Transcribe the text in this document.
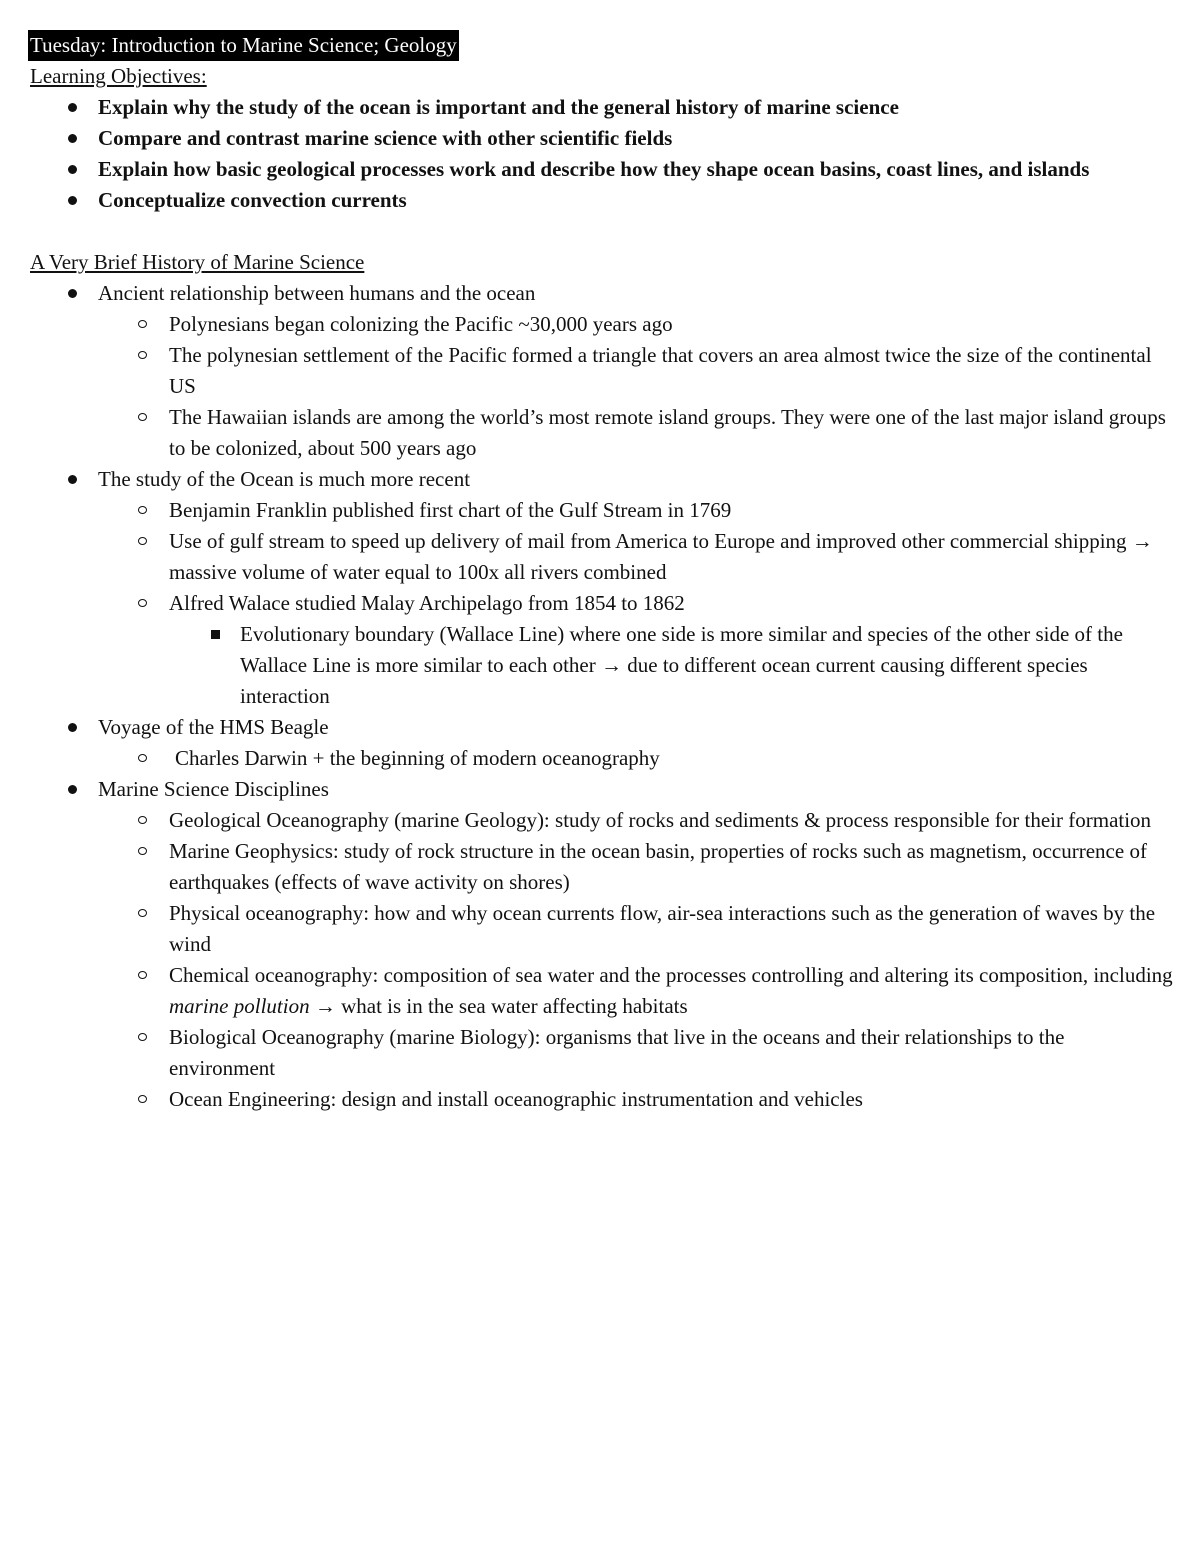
Tuesday: Introduction to Marine Science; Geology
Learning Objectives:
Explain why the study of the ocean is important and the general history of marine science
Compare and contrast marine science with other scientific fields
Explain how basic geological processes work and describe how they shape ocean basins, coast lines, and islands
Conceptualize convection currents
A Very Brief History of Marine Science
Ancient relationship between humans and the ocean
Polynesians began colonizing the Pacific ~30,000 years ago
The polynesian settlement of the Pacific formed a triangle that covers an area almost twice the size of the continental US
The Hawaiian islands are among the world’s most remote island groups. They were one of the last major island groups to be colonized, about 500 years ago
The study of the Ocean is much more recent
Benjamin Franklin published first chart of the Gulf Stream in 1769
Use of gulf stream to speed up delivery of mail from America to Europe and improved other commercial shipping → massive volume of water equal to 100x all rivers combined
Alfred Walace studied Malay Archipelago from 1854 to 1862
Evolutionary boundary (Wallace Line) where one side is more similar and species of the other side of the Wallace Line is more similar to each other → due to different ocean current causing different species interaction
Voyage of the HMS Beagle
Charles Darwin + the beginning of modern oceanography
Marine Science Disciplines
Geological Oceanography (marine Geology): study of rocks and sediments & process responsible for their formation
Marine Geophysics: study of rock structure in the ocean basin, properties of rocks such as magnetism, occurrence of earthquakes (effects of wave activity on shores)
Physical oceanography: how and why ocean currents flow, air-sea interactions such as the generation of waves by the wind
Chemical oceanography: composition of sea water and the processes controlling and altering its composition, including marine pollution → what is in the sea water affecting habitats
Biological Oceanography (marine Biology): organisms that live in the oceans and their relationships to the environment
Ocean Engineering: design and install oceanographic instrumentation and vehicles
